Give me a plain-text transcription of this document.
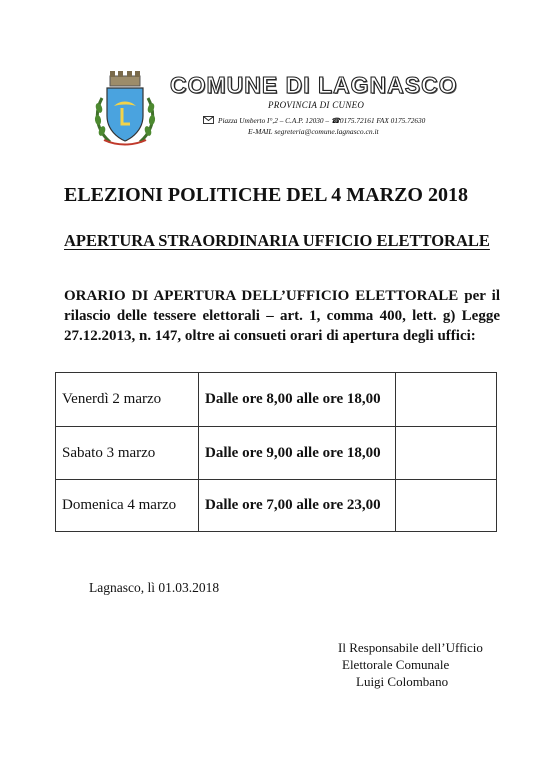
COMUNE DI LAGNASCO
PROVINCIA DI CUNEO
Piazza Umberto I°,2 – C.A.P. 12030 – ☎0175.72161 FAX 0175.72630
E-MAIL segreteria@comune.lagnasco.cn.it
ELEZIONI POLITICHE DEL 4 MARZO 2018
APERTURA STRAORDINARIA UFFICIO ELETTORALE
ORARIO DI APERTURA DELL’UFFICIO ELETTORALE per il rilascio delle tessere elettorali – art. 1, comma 400, lett. g) Legge 27.12.2013, n. 147, oltre ai consueti orari di apertura degli uffici:
Venerdì 2 marzo	Dalle ore 8,00 alle ore 18,00	
Sabato 3 marzo	Dalle ore 9,00 alle ore 18,00	
Domenica 4 marzo	Dalle ore 7,00 alle ore 23,00	
Lagnasco, lì 01.03.2018
Il Responsabile dell’Ufficio
Elettorale Comunale
Luigi Colombano
